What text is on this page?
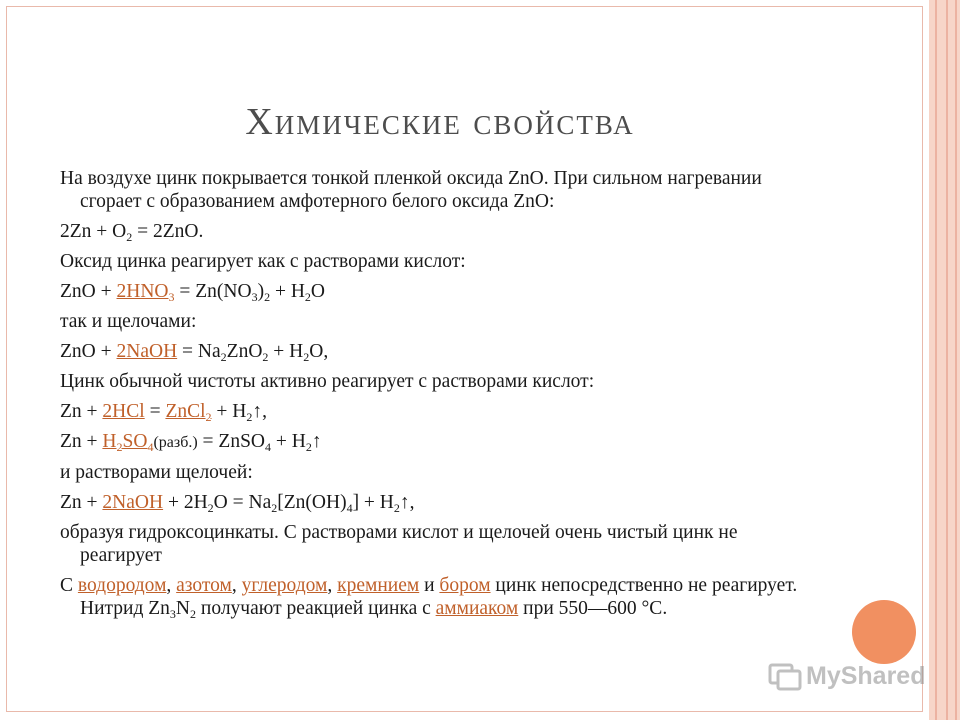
Химические свойства
На воздухе цинк покрывается тонкой пленкой оксида ZnO. При сильном нагревании сгорает с образованием амфотерного белого оксида ZnO:
$2Zn + O_2 = 2ZnO$.
Оксид цинка реагирует как с растворами кислот:
ZnO + $2HNO_3 = Zn(NO_3)_2 + H_2O$
так и щелочами:
ZnO + 2NaOH = $Na_2ZnO_2 + H_2O$,
Цинк обычной чистоты активно реагирует с растворами кислот:
Zn + 2HCl = ZnCl$_2$ + $H_2↑$,
$Zn + H_2SO_4(разб.)$ = ZnSO$_4$ + $H_2↑$
и растворами щелочей:
Zn + 2NaOH + $2H_2O = Na_2[Zn(OH)_4]$ + $H_2↑$,
образуя гидроксоцинкаты. С растворами кислот и щелочей очень чистый цинк не реагирует
С водородом, азотом, углеродом, кремнием и бором цинк непосредственно не реагирует. Нитрид $Zn_3N_2$ получают реакцией цинка с аммиаком при 550—600 °С.
MyShared
